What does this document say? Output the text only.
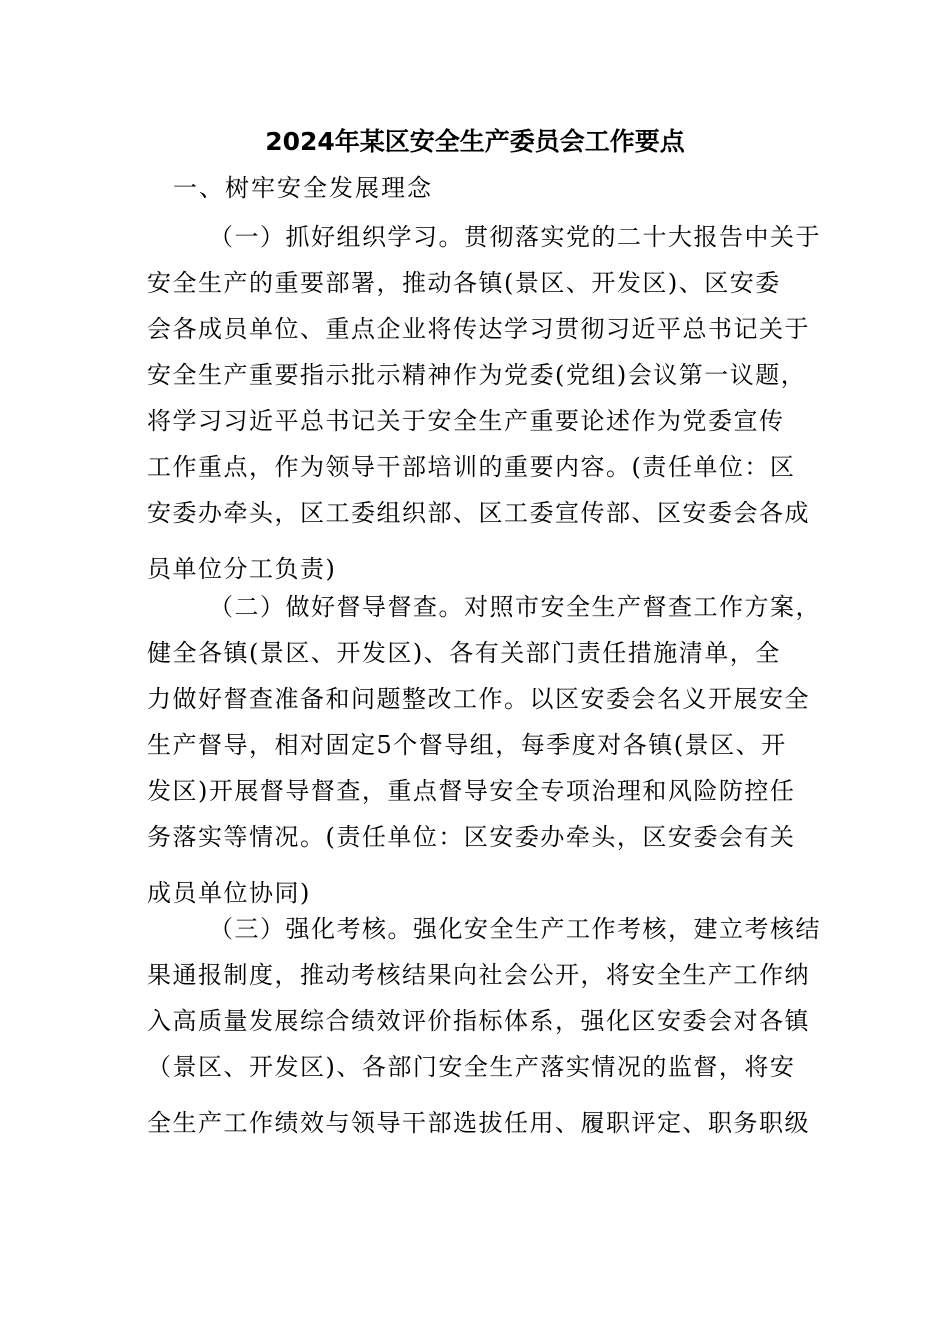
2024年某区安全生产委员会工作要点
一、树牢安全发展理念
（一）抓好组织学习。贯彻落实党的二十大报告中关于
安全生产的重要部署，推动各镇(景区、开发区)、区安委
会各成员单位、重点企业将传达学习贯彻习近平总书记关于
安全生产重要指示批示精神作为党委(党组)会议第一议题，
将学习习近平总书记关于安全生产重要论述作为党委宣传
工作重点，作为领导干部培训的重要内容。(责任单位：区
安委办牵头，区工委组织部、区工委宣传部、区安委会各成
员单位分工负责)
（二）做好督导督查。对照市安全生产督查工作方案，
健全各镇(景区、开发区)、各有关部门责任措施清单，全
力做好督查准备和问题整改工作。以区安委会名义开展安全
生产督导，相对固定5个督导组，每季度对各镇(景区、开
发区)开展督导督查，重点督导安全专项治理和风险防控任
务落实等情况。(责任单位：区安委办牵头，区安委会有关
成员单位协同)
（三）强化考核。强化安全生产工作考核，建立考核结
果通报制度，推动考核结果向社会公开，将安全生产工作纳
入高质量发展综合绩效评价指标体系，强化区安委会对各镇
（景区、开发区)、各部门安全生产落实情况的监督，将安
全生产工作绩效与领导干部选拔任用、履职评定、职务职级
